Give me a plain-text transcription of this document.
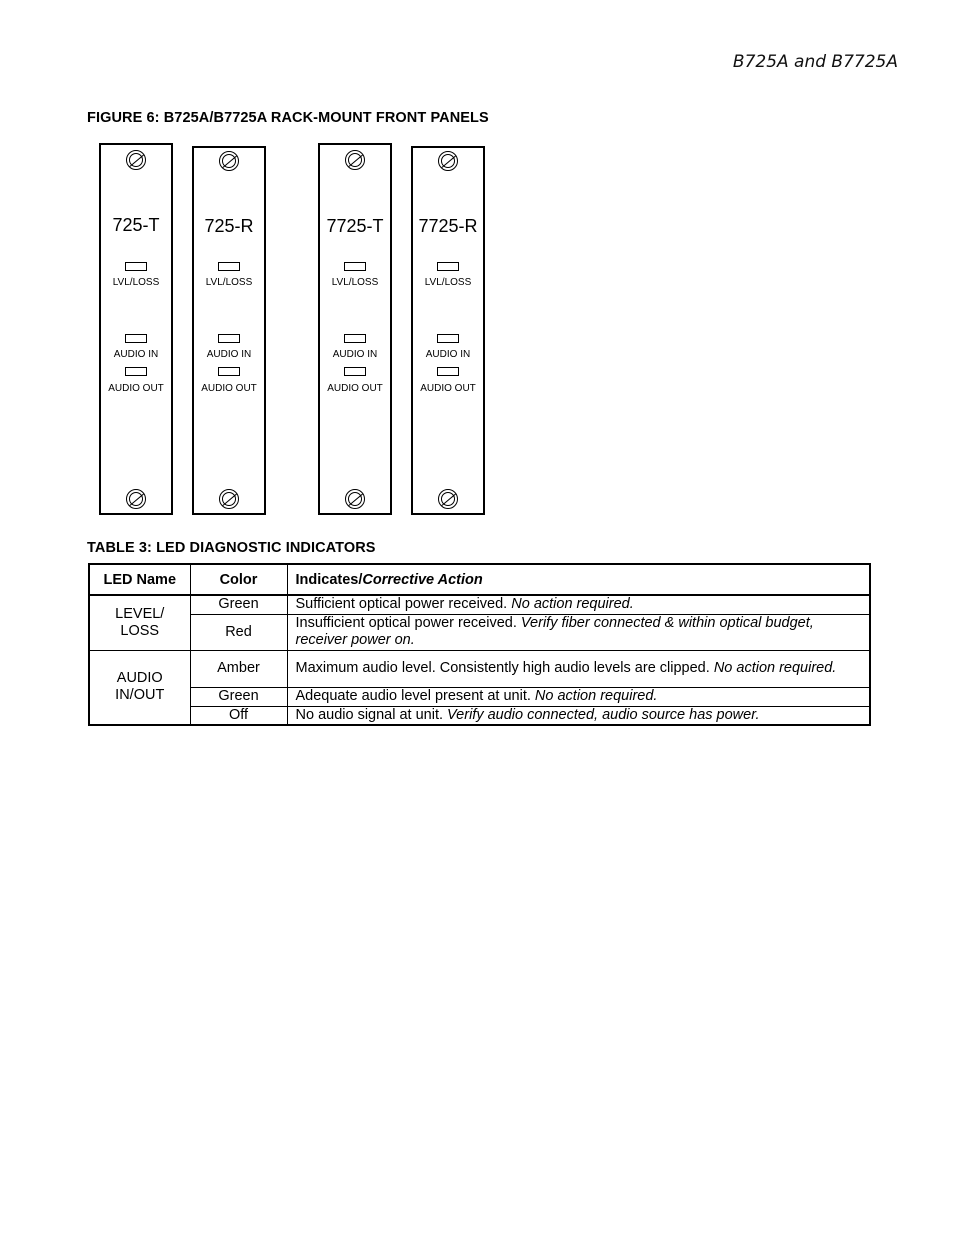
B725A and B7725A
FIGURE 6: B725A/B7725A RACK-MOUNT FRONT PANELS
725-T
LVL/LOSS
AUDIO IN
AUDIO OUT
725-R
LVL/LOSS
AUDIO IN
AUDIO OUT
7725-T
LVL/LOSS
AUDIO IN
AUDIO OUT
7725-R
LVL/LOSS
AUDIO IN
AUDIO OUT
TABLE 3: LED DIAGNOSTIC INDICATORS
LED Name	Color	Indicates/Corrective Action
LEVEL/ LOSS	Green	Sufficient optical power received. No action required.
	Red	Insufficient optical power received. Verify fiber connected & within optical budget, receiver power on.
AUDIO IN/OUT	Amber	Maximum audio level. Consistently high audio levels are clipped. No action required.
	Green	Adequate audio level present at unit. No action required.
	Off	No audio signal at unit. Verify audio connected, audio source has power.
